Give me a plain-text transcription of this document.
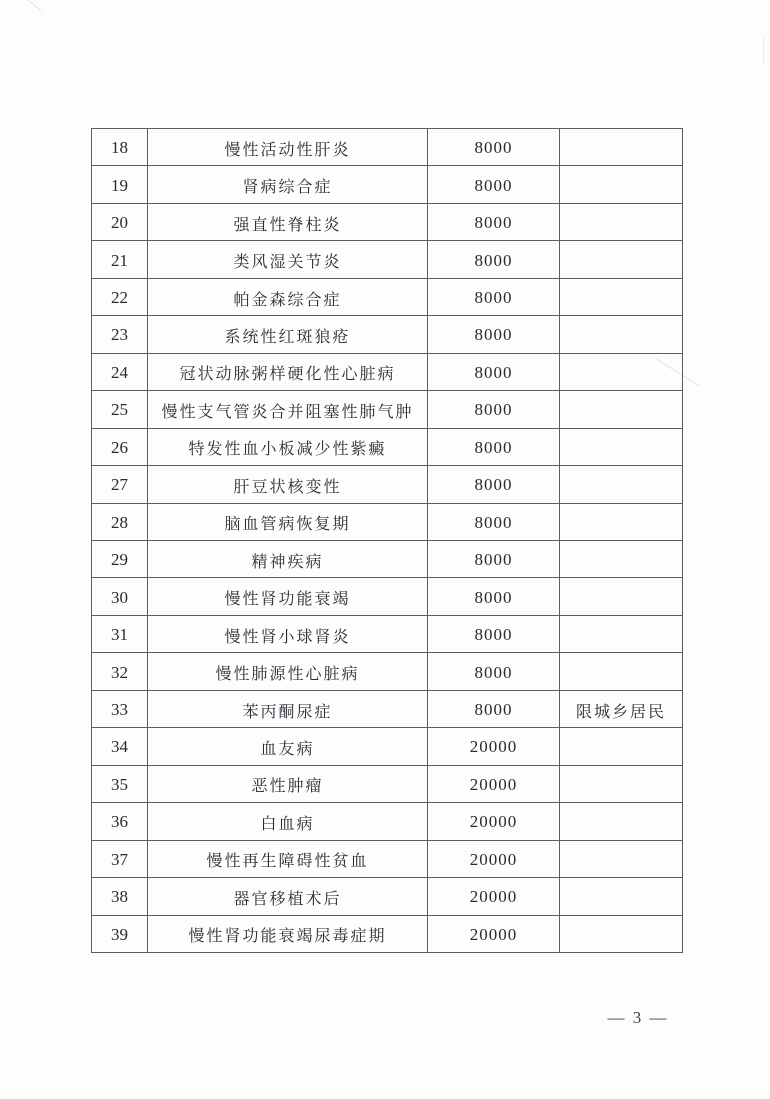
18	慢性活动性肝炎	8000
19	肾病综合症	8000
20	强直性脊柱炎	8000
21	类风湿关节炎	8000
22	帕金森综合症	8000
23	系统性红斑狼疮	8000
24	冠状动脉粥样硬化性心脏病	8000
25	慢性支气管炎合并阻塞性肺气肿	8000
26	特发性血小板减少性紫癜	8000
27	肝豆状核变性	8000
28	脑血管病恢复期	8000
29	精神疾病	8000
30	慢性肾功能衰竭	8000
31	慢性肾小球肾炎	8000
32	慢性肺源性心脏病	8000
33	苯丙酮尿症	8000	限城乡居民
34	血友病	20000
35	恶性肿瘤	20000
36	白血病	20000
37	慢性再生障碍性贫血	20000
38	器官移植术后	20000
39	慢性肾功能衰竭尿毒症期	20000
— 3 —
